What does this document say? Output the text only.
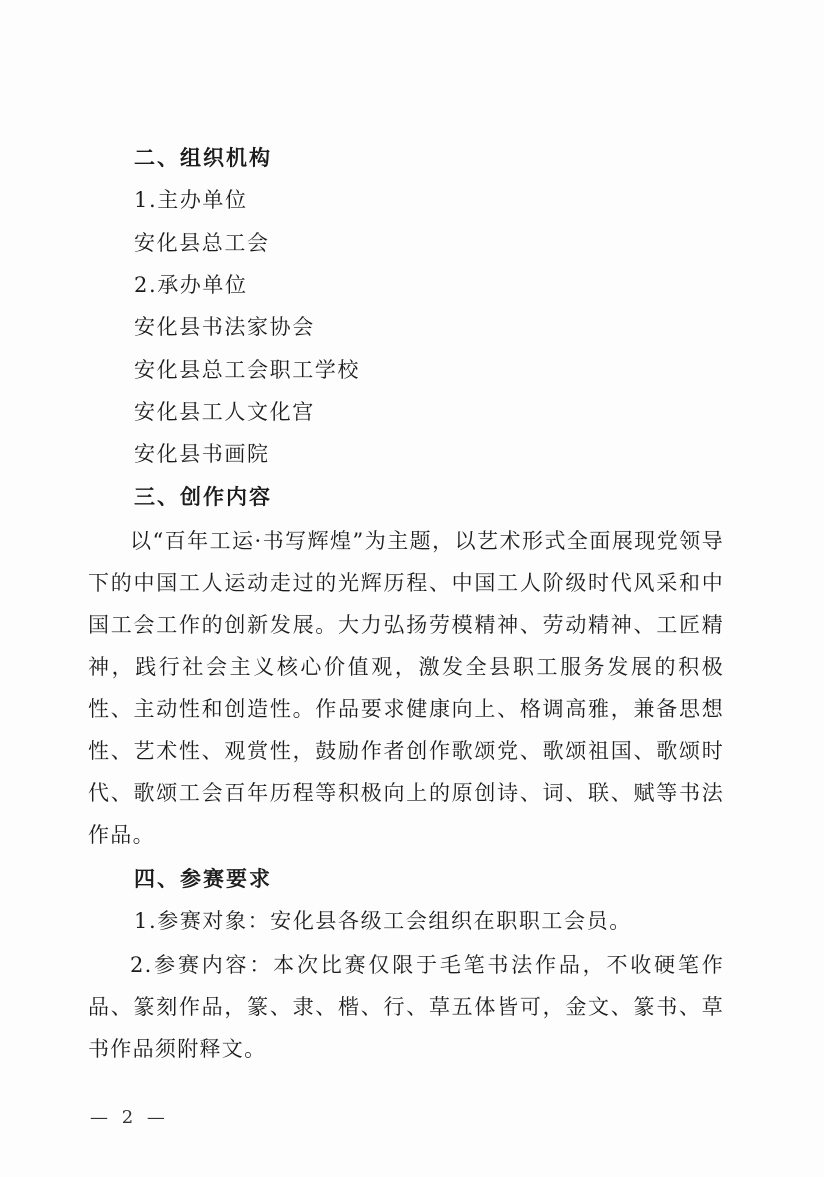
二、组织机构
1.主办单位
安化县总工会
2.承办单位
安化县书法家协会
安化县总工会职工学校
安化县工人文化宫
安化县书画院
三、创作内容
以“百年工运·书写辉煌”为主题，以艺术形式全面展现党领导下的中国工人运动走过的光辉历程、中国工人阶级时代风采和中国工会工作的创新发展。大力弘扬劳模精神、劳动精神、工匠精神，践行社会主义核心价值观，激发全县职工服务发展的积极性、主动性和创造性。作品要求健康向上、格调高雅，兼备思想性、艺术性、观赏性，鼓励作者创作歌颂党、歌颂祖国、歌颂时代、歌颂工会百年历程等积极向上的原创诗、词、联、赋等书法作品。
四、参赛要求
1.参赛对象：安化县各级工会组织在职职工会员。
2.参赛内容：本次比赛仅限于毛笔书法作品，不收硬笔作品、篆刻作品，篆、隶、楷、行、草五体皆可，金文、篆书、草书作品须附释文。
— 2 —
